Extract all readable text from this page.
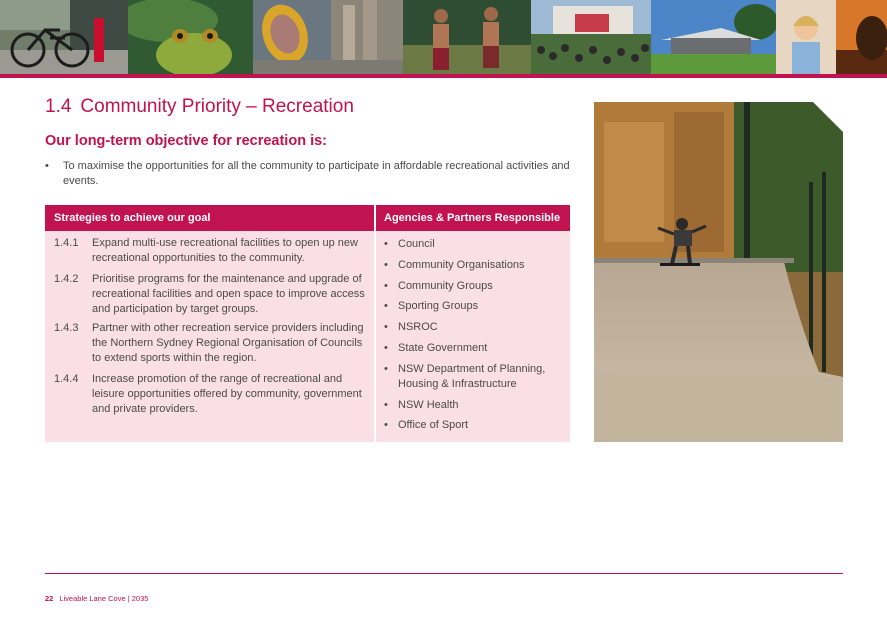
1.4 Community Priority – Recreation
Our long-term objective for recreation is:
• To maximise the opportunities for all the community to participate in affordable recreational activities and events.
Strategies to achieve our goal	Agencies & Partners Responsible
1.4.1 Expand multi-use recreational facilities to open up new recreational opportunities to the community.
1.4.2 Prioritise programs for the maintenance and upgrade of recreational facilities and open space to improve access and participation by target groups.
1.4.3 Partner with other recreation service providers including the Northern Sydney Regional Organisation of Councils to extend sports within the region.
1.4.4 Increase promotion of the range of recreational and leisure opportunities offered by community, government and private providers.
• Council
• Community Organisations
• Community Groups
• Sporting Groups
• NSROC
• State Government
• NSW Department of Planning, Housing & Infrastructure
• NSW Health
• Office of Sport
22 Liveable Lane Cove | 2035
